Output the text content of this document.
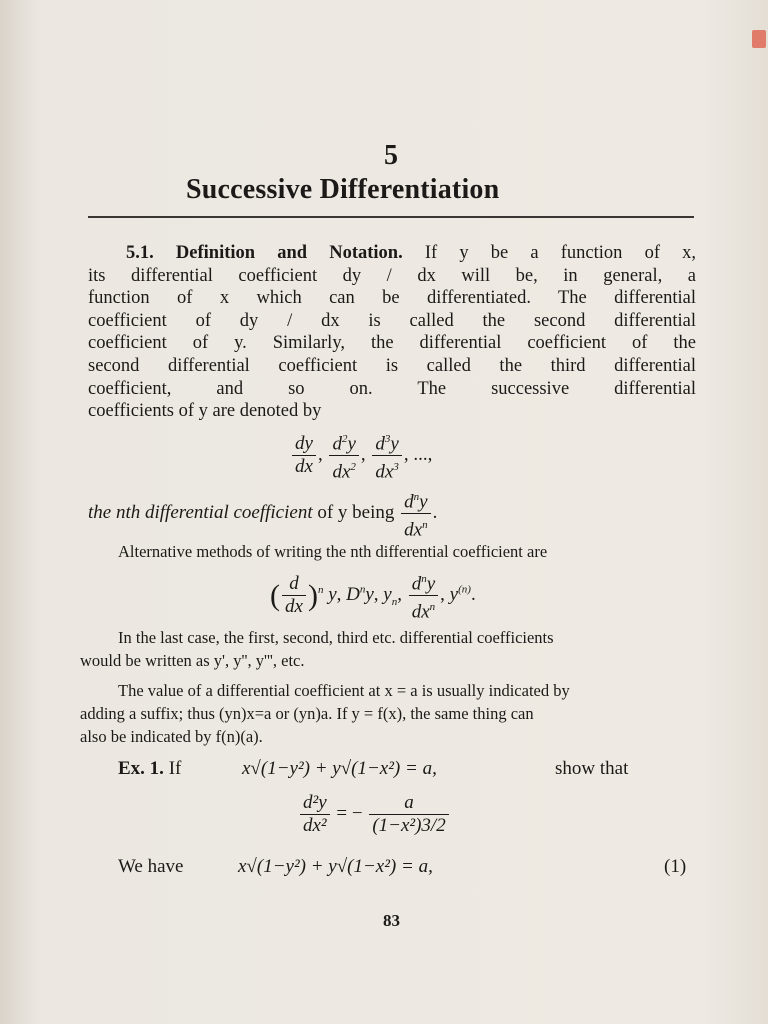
5
Successive Differentiation
5.1. Definition and Notation. If y be a function of x,
its differential coefficient dy / dx will be, in general, a
function of x which can be differentiated. The differential
coefficient of dy / dx is called the second differential
coefficient of y. Similarly, the differential coefficient of the
second differential coefficient is called the third differential
coefficient, and so on. The successive differential
coefficients of y are denoted by
$\frac{dy}{dx}$ , $\frac{d^2y}{dx^2}$ , $\frac{d^3y}{dx^3}$ , ...,
the nth differential coefficient of y being $\frac{d^ny}{dx^n}$ .
Alternative methods of writing the nth differential coefficient are
( $\frac{d}{dx} )^n$ y, $D^ny$, $y_n$, $\frac{d^ny}{dx^n}$ , $y^{(n)}$.
In the last case, the first, second, third etc. differential coefficients
would be written as y', y'', y''', etc.
The value of a differential coefficient at x = a is usually indicated by
adding a suffix; thus (yn)x=a or (yn)a. If y = f(x), the same thing can
also be indicated by f(n)(a).
Ex. 1. If	x√(1−y²) + y√(1−x²) = a,	show that
$\frac{\text{d²y}}{\text{dx²}}$ = − $\frac{a}{\text{(1−x²)3/2}}$
We have	x√(1−y²) + y√(1−x²) = a,	(1)
83
